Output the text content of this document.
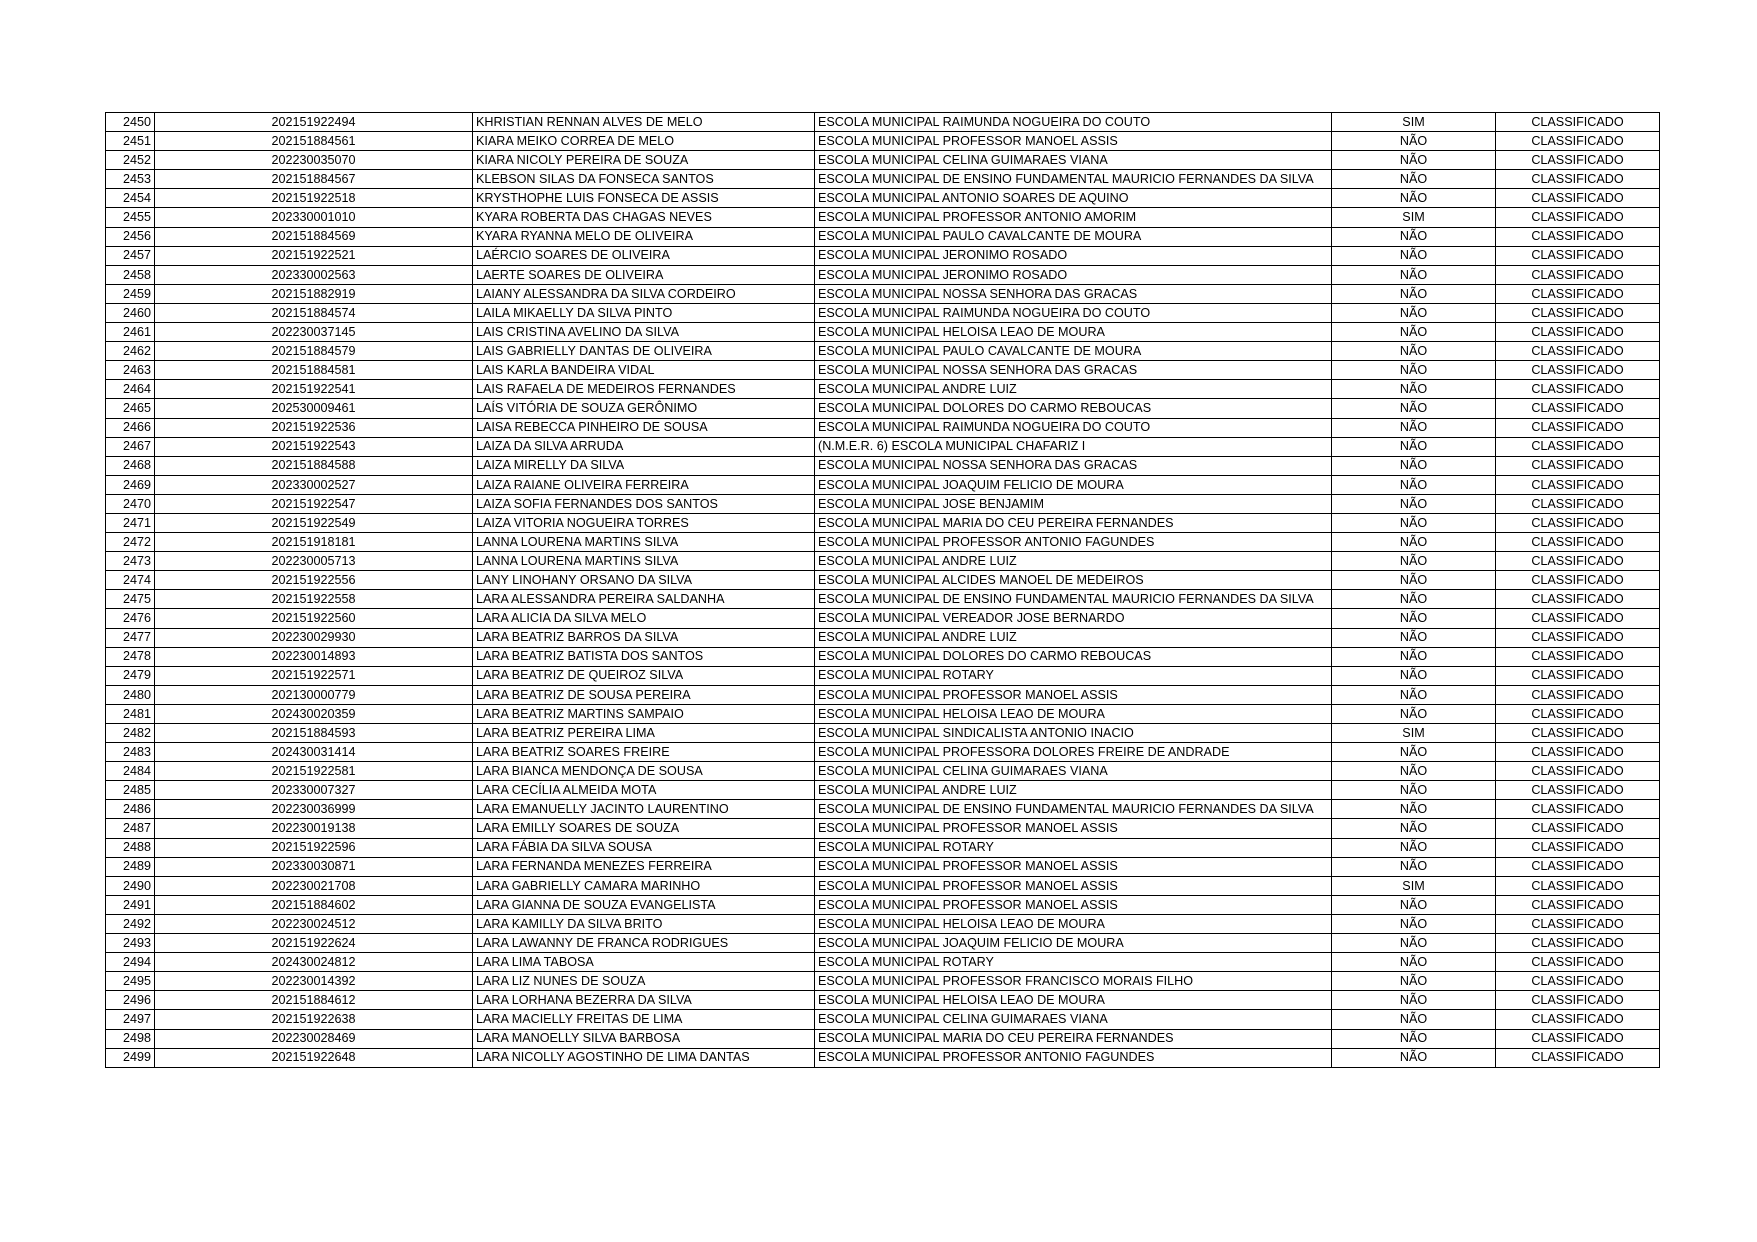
2450	202151922494	KHRISTIAN RENNAN ALVES DE MELO	ESCOLA MUNICIPAL RAIMUNDA NOGUEIRA DO COUTO	SIM	CLASSIFICADO
2451	202151884561	KIARA MEIKO CORREA DE MELO	ESCOLA MUNICIPAL PROFESSOR MANOEL ASSIS	NÃO	CLASSIFICADO
2452	202230035070	KIARA NICOLY PEREIRA DE SOUZA	ESCOLA MUNICIPAL CELINA GUIMARAES VIANA	NÃO	CLASSIFICADO
2453	202151884567	KLEBSON SILAS DA FONSECA SANTOS	ESCOLA MUNICIPAL DE ENSINO FUNDAMENTAL MAURICIO FERNANDES DA SILVA	NÃO	CLASSIFICADO
2454	202151922518	KRYSTHOPHE LUIS FONSECA DE ASSIS	ESCOLA MUNICIPAL ANTONIO SOARES DE AQUINO	NÃO	CLASSIFICADO
2455	202330001010	KYARA ROBERTA DAS CHAGAS NEVES	ESCOLA MUNICIPAL PROFESSOR ANTONIO AMORIM	SIM	CLASSIFICADO
2456	202151884569	KYARA RYANNA MELO DE OLIVEIRA	ESCOLA MUNICIPAL PAULO CAVALCANTE DE MOURA	NÃO	CLASSIFICADO
2457	202151922521	LAÉRCIO SOARES DE OLIVEIRA	ESCOLA MUNICIPAL JERONIMO ROSADO	NÃO	CLASSIFICADO
2458	202330002563	LAERTE SOARES DE OLIVEIRA	ESCOLA MUNICIPAL JERONIMO ROSADO	NÃO	CLASSIFICADO
2459	202151882919	LAIANY ALESSANDRA DA SILVA CORDEIRO	ESCOLA MUNICIPAL NOSSA SENHORA DAS GRACAS	NÃO	CLASSIFICADO
2460	202151884574	LAILA MIKAELLY DA SILVA PINTO	ESCOLA MUNICIPAL RAIMUNDA NOGUEIRA DO COUTO	NÃO	CLASSIFICADO
2461	202230037145	LAIS CRISTINA AVELINO DA SILVA	ESCOLA MUNICIPAL HELOISA LEAO DE MOURA	NÃO	CLASSIFICADO
2462	202151884579	LAIS GABRIELLY DANTAS DE OLIVEIRA	ESCOLA MUNICIPAL PAULO CAVALCANTE DE MOURA	NÃO	CLASSIFICADO
2463	202151884581	LAIS KARLA BANDEIRA VIDAL	ESCOLA MUNICIPAL NOSSA SENHORA DAS GRACAS	NÃO	CLASSIFICADO
2464	202151922541	LAIS RAFAELA DE MEDEIROS FERNANDES	ESCOLA MUNICIPAL ANDRE LUIZ	NÃO	CLASSIFICADO
2465	202530009461	LAÍS VITÓRIA DE SOUZA GERÔNIMO	ESCOLA MUNICIPAL DOLORES DO CARMO REBOUCAS	NÃO	CLASSIFICADO
2466	202151922536	LAISA REBECCA PINHEIRO DE SOUSA	ESCOLA MUNICIPAL RAIMUNDA NOGUEIRA DO COUTO	NÃO	CLASSIFICADO
2467	202151922543	LAIZA DA SILVA ARRUDA	(N.M.E.R. 6) ESCOLA MUNICIPAL CHAFARIZ I	NÃO	CLASSIFICADO
2468	202151884588	LAIZA MIRELLY DA SILVA	ESCOLA MUNICIPAL NOSSA SENHORA DAS GRACAS	NÃO	CLASSIFICADO
2469	202330002527	LAIZA RAIANE OLIVEIRA FERREIRA	ESCOLA MUNICIPAL JOAQUIM FELICIO DE MOURA	NÃO	CLASSIFICADO
2470	202151922547	LAIZA SOFIA FERNANDES DOS SANTOS	ESCOLA MUNICIPAL JOSE BENJAMIM	NÃO	CLASSIFICADO
2471	202151922549	LAIZA VITORIA NOGUEIRA TORRES	ESCOLA MUNICIPAL MARIA DO CEU PEREIRA FERNANDES	NÃO	CLASSIFICADO
2472	202151918181	LANNA LOURENA MARTINS SILVA	ESCOLA MUNICIPAL PROFESSOR ANTONIO FAGUNDES	NÃO	CLASSIFICADO
2473	202230005713	LANNA LOURENA MARTINS SILVA	ESCOLA MUNICIPAL ANDRE LUIZ	NÃO	CLASSIFICADO
2474	202151922556	LANY LINOHANY ORSANO DA SILVA	ESCOLA MUNICIPAL ALCIDES MANOEL DE MEDEIROS	NÃO	CLASSIFICADO
2475	202151922558	LARA ALESSANDRA PEREIRA SALDANHA	ESCOLA MUNICIPAL DE ENSINO FUNDAMENTAL MAURICIO FERNANDES DA SILVA	NÃO	CLASSIFICADO
2476	202151922560	LARA ALICIA DA SILVA MELO	ESCOLA MUNICIPAL VEREADOR JOSE BERNARDO	NÃO	CLASSIFICADO
2477	202230029930	LARA BEATRIZ BARROS DA SILVA	ESCOLA MUNICIPAL ANDRE LUIZ	NÃO	CLASSIFICADO
2478	202230014893	LARA BEATRIZ BATISTA DOS SANTOS	ESCOLA MUNICIPAL DOLORES DO CARMO REBOUCAS	NÃO	CLASSIFICADO
2479	202151922571	LARA BEATRIZ DE QUEIROZ SILVA	ESCOLA MUNICIPAL ROTARY	NÃO	CLASSIFICADO
2480	202130000779	LARA BEATRIZ DE SOUSA PEREIRA	ESCOLA MUNICIPAL PROFESSOR MANOEL ASSIS	NÃO	CLASSIFICADO
2481	202430020359	LARA BEATRIZ MARTINS SAMPAIO	ESCOLA MUNICIPAL HELOISA LEAO DE MOURA	NÃO	CLASSIFICADO
2482	202151884593	LARA BEATRIZ PEREIRA LIMA	ESCOLA MUNICIPAL SINDICALISTA ANTONIO INACIO	SIM	CLASSIFICADO
2483	202430031414	LARA BEATRIZ SOARES FREIRE	ESCOLA MUNICIPAL PROFESSORA DOLORES FREIRE DE ANDRADE	NÃO	CLASSIFICADO
2484	202151922581	LARA BIANCA MENDONÇA DE SOUSA	ESCOLA MUNICIPAL CELINA GUIMARAES VIANA	NÃO	CLASSIFICADO
2485	202330007327	LARA CECÍLIA ALMEIDA MOTA	ESCOLA MUNICIPAL ANDRE LUIZ	NÃO	CLASSIFICADO
2486	202230036999	LARA EMANUELLY JACINTO LAURENTINO	ESCOLA MUNICIPAL DE ENSINO FUNDAMENTAL MAURICIO FERNANDES DA SILVA	NÃO	CLASSIFICADO
2487	202230019138	LARA EMILLY SOARES DE SOUZA	ESCOLA MUNICIPAL PROFESSOR MANOEL ASSIS	NÃO	CLASSIFICADO
2488	202151922596	LARA FÁBIA DA SILVA SOUSA	ESCOLA MUNICIPAL ROTARY	NÃO	CLASSIFICADO
2489	202330030871	LARA FERNANDA MENEZES FERREIRA	ESCOLA MUNICIPAL PROFESSOR MANOEL ASSIS	NÃO	CLASSIFICADO
2490	202230021708	LARA GABRIELLY CAMARA MARINHO	ESCOLA MUNICIPAL PROFESSOR MANOEL ASSIS	SIM	CLASSIFICADO
2491	202151884602	LARA GIANNA DE SOUZA EVANGELISTA	ESCOLA MUNICIPAL PROFESSOR MANOEL ASSIS	NÃO	CLASSIFICADO
2492	202230024512	LARA KAMILLY DA SILVA BRITO	ESCOLA MUNICIPAL HELOISA LEAO DE MOURA	NÃO	CLASSIFICADO
2493	202151922624	LARA LAWANNY DE FRANCA RODRIGUES	ESCOLA MUNICIPAL JOAQUIM FELICIO DE MOURA	NÃO	CLASSIFICADO
2494	202430024812	LARA LIMA TABOSA	ESCOLA MUNICIPAL ROTARY	NÃO	CLASSIFICADO
2495	202230014392	LARA LIZ NUNES DE SOUZA	ESCOLA MUNICIPAL PROFESSOR FRANCISCO MORAIS FILHO	NÃO	CLASSIFICADO
2496	202151884612	LARA LORHANA BEZERRA DA SILVA	ESCOLA MUNICIPAL HELOISA LEAO DE MOURA	NÃO	CLASSIFICADO
2497	202151922638	LARA MACIELLY FREITAS DE LIMA	ESCOLA MUNICIPAL CELINA GUIMARAES VIANA	NÃO	CLASSIFICADO
2498	202230028469	LARA MANOELLY SILVA BARBOSA	ESCOLA MUNICIPAL MARIA DO CEU PEREIRA FERNANDES	NÃO	CLASSIFICADO
2499	202151922648	LARA NICOLLY AGOSTINHO DE LIMA DANTAS	ESCOLA MUNICIPAL PROFESSOR ANTONIO FAGUNDES	NÃO	CLASSIFICADO
